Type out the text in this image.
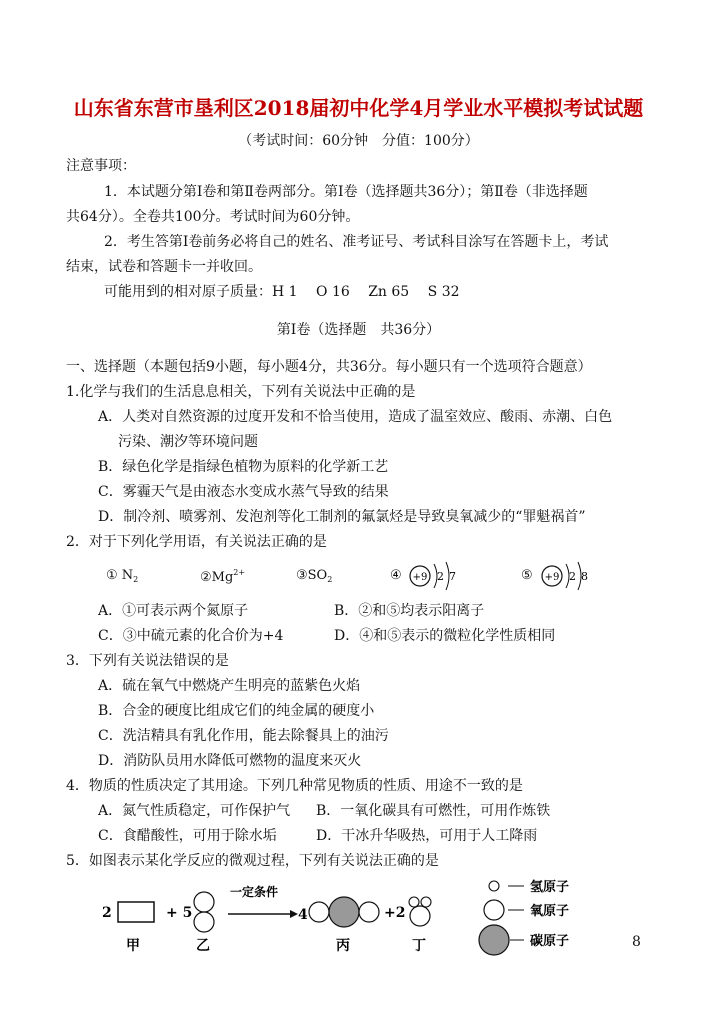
山东省东营市垦利区2018届初中化学4月学业水平模拟考试试题
（考试时间：60分钟　分值：100分）
注意事项：
1．本试题分第Ⅰ卷和第Ⅱ卷两部分。第Ⅰ卷（选择题共36分）；第Ⅱ卷（非选择题
共64分）。全卷共100分。考试时间为60分钟。
2．考生答第Ⅰ卷前务必将自己的姓名、准考证号、考试科目涂写在答题卡上，考试
结束，试卷和答题卡一并收回。
可能用到的相对原子质量：H 1　 O 16　 Zn 65　 S 32
第Ⅰ卷（选择题　共36分）
一、选择题（本题包括9小题，每小题4分，共36分。每小题只有一个选项符合题意）
1.化学与我们的生活息息相关，下列有关说法中正确的是
A．人类对自然资源的过度开发和不恰当使用，造成了温室效应、酸雨、赤潮、白色
污染、潮汐等环境问题
B．绿色化学是指绿色植物为原料的化学新工艺
C．雾霾天气是由液态水变成水蒸气导致的结果
D．制冷剂、喷雾剂、发泡剂等化工制剂的氟氯烃是导致臭氧减少的“罪魁祸首”
2．对于下列化学用语，有关说法正确的是
① $N_2$	$②Mg^{2+}$	$③SO_2$	④ +9 2 7	⑤ +9 2 8
A．①可表示两个氮原子	B．②和⑤均表示阳离子
C．③中硫元素的化合价为+4	D．④和⑤表示的微粒化学性质相同
3．下列有关说法错误的是
A．硫在氧气中燃烧产生明亮的蓝紫色火焰
B．合金的硬度比组成它们的纯金属的硬度小
C．洗洁精具有乳化作用，能去除餐具上的油污
D．消防队员用水降低可燃物的温度来灭火
4．物质的性质决定了其用途。下列几种常见物质的性质、用途不一致的是
A．氮气性质稳定，可作保护气 B．一氧化碳具有可燃性，可用作炼铁
C．食醋酸性，可用于除水垢	D．干冰升华吸热，可用于人工降雨
5．如图表示某化学反应的微观过程，下列有关说法正确的是
2
甲
+ 5
乙
一定条件
4
丙
+2
丁
氢原子
氧原子
碳原子	8
